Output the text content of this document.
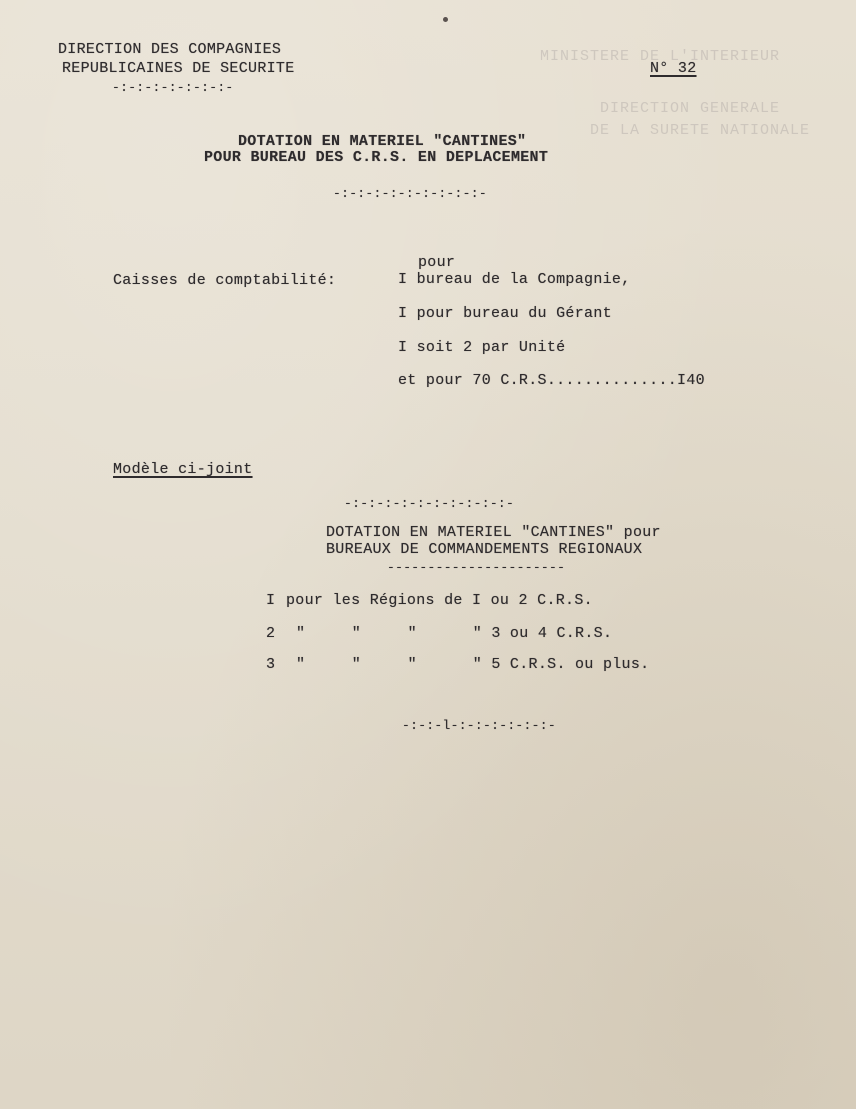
MINISTERE DE L'INTERIEUR
DIRECTION GENERALE
DE LA SURETE NATIONALE
DIRECTION DES COMPAGNIES
REPUBLICAINES DE SECURITE
-:-:-:-:-:-:-:-
N° 32
DOTATION EN MATERIEL "CANTINES"
POUR BUREAU DES C.R.S. EN DEPLACEMENT
-:-:-:-:-:-:-:-:-:-
pour
Caisses de comptabilité:	I bureau de la Compagnie,
I pour bureau du Gérant
I soit 2 par Unité
et pour 70 C.R.S..............I40
Modèle ci-joint
-:-:-:-:-:-:-:-:-:-:-
DOTATION EN MATERIEL "CANTINES" pour
BUREAUX DE COMMANDEMENTS REGIONAUX
----------------------
I pour les Régions de I ou 2 C.R.S.
2 "     "     "      " 3 ou 4 C.R.S.
3 "     "     "      " 5 C.R.S. ou plus.
-:-:-l-:-:-:-:-:-:-
